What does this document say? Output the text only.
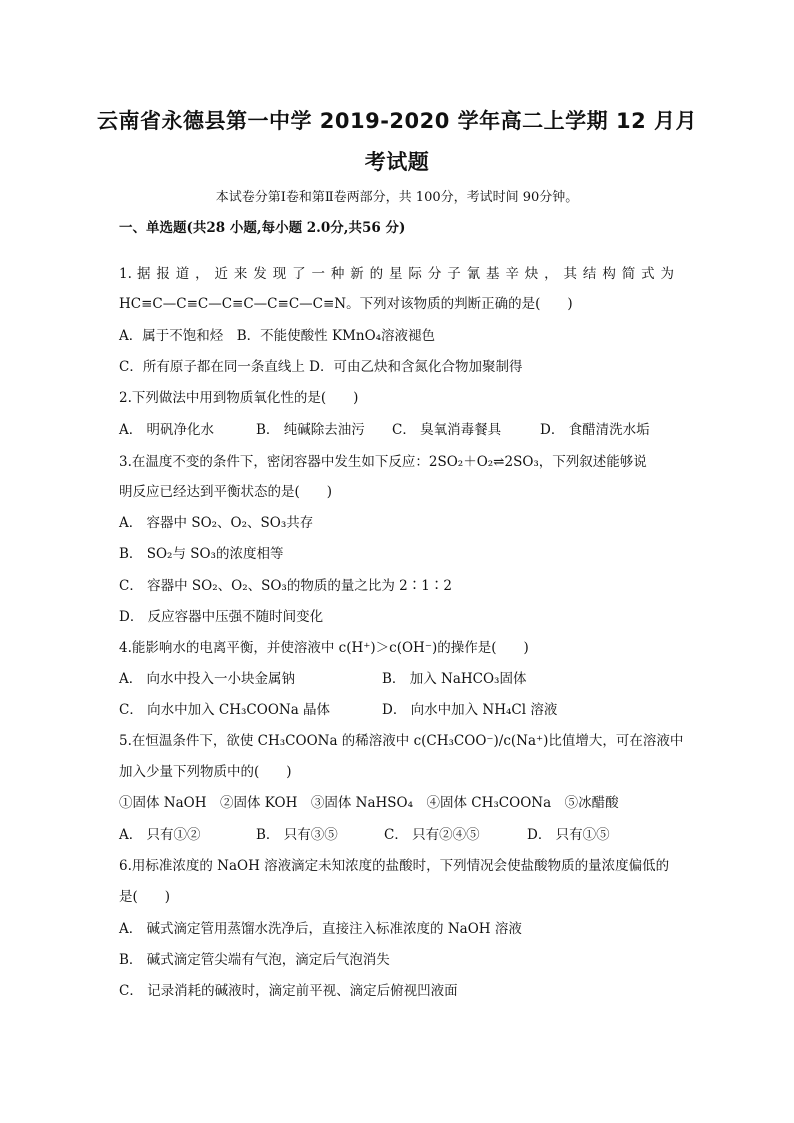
云南省永德县第一中学 2019-2020 学年高二上学期 12 月月
考试题
本试卷分第Ⅰ卷和第Ⅱ卷两部分，共 100分，考试时间 90分钟。
一、单选题(共28 小题,每小题 2.0分,共56 分)
1. 据 报 道 ， 近 来 发 现 了 一 种 新 的 星 际 分 子 氰 基 辛 炔 ， 其 结 构 简 式 为
HC≡C—C≡C—C≡C—C≡C—C≡N。下列对该物质的判断正确的是(　　)
A．属于不饱和烃　B．不能使酸性 KMnO₄溶液褪色
C．所有原子都在同一条直线上 D．可由乙炔和含氮化合物加聚制得
2.下列做法中用到物质氧化性的是(　　)
A． 明矾净化水	B． 纯碱除去油污 C． 臭氧消毒餐具	D． 食醋清洗水垢
3.在温度不变的条件下，密闭容器中发生如下反应：2SO₂＋O₂⇌2SO₃，下列叙述能够说
明反应已经达到平衡状态的是(　　)
A． 容器中 SO₂、O₂、SO₃共存
B． SO₂与 SO₃的浓度相等
C． 容器中 SO₂、O₂、SO₃的物质的量之比为 2∶1∶2
D． 反应容器中压强不随时间变化
4.能影响水的电离平衡，并使溶液中 c(H⁺)＞c(OH⁻)的操作是(　　)
A． 向水中投入一小块金属钠	B． 加入 NaHCO₃固体
C． 向水中加入 CH₃COONa 晶体	D． 向水中加入 NH₄Cl 溶液
5.在恒温条件下，欲使 CH₃COONa 的稀溶液中 c(CH₃COO⁻)/c(Na⁺)比值增大，可在溶液中
加入少量下列物质中的(　　)
①固体 NaOH　②固体 KOH　③固体 NaHSO₄　④固体 CH₃COONa　⑤冰醋酸
A． 只有①②	B． 只有③⑤	C． 只有②④⑤	D． 只有①⑤
6.用标准浓度的 NaOH 溶液滴定未知浓度的盐酸时，下列情况会使盐酸物质的量浓度偏低的
是(　　)
A． 碱式滴定管用蒸馏水洗净后，直接注入标准浓度的 NaOH 溶液
B． 碱式滴定管尖端有气泡，滴定后气泡消失
C． 记录消耗的碱液时，滴定前平视、滴定后俯视凹液面
